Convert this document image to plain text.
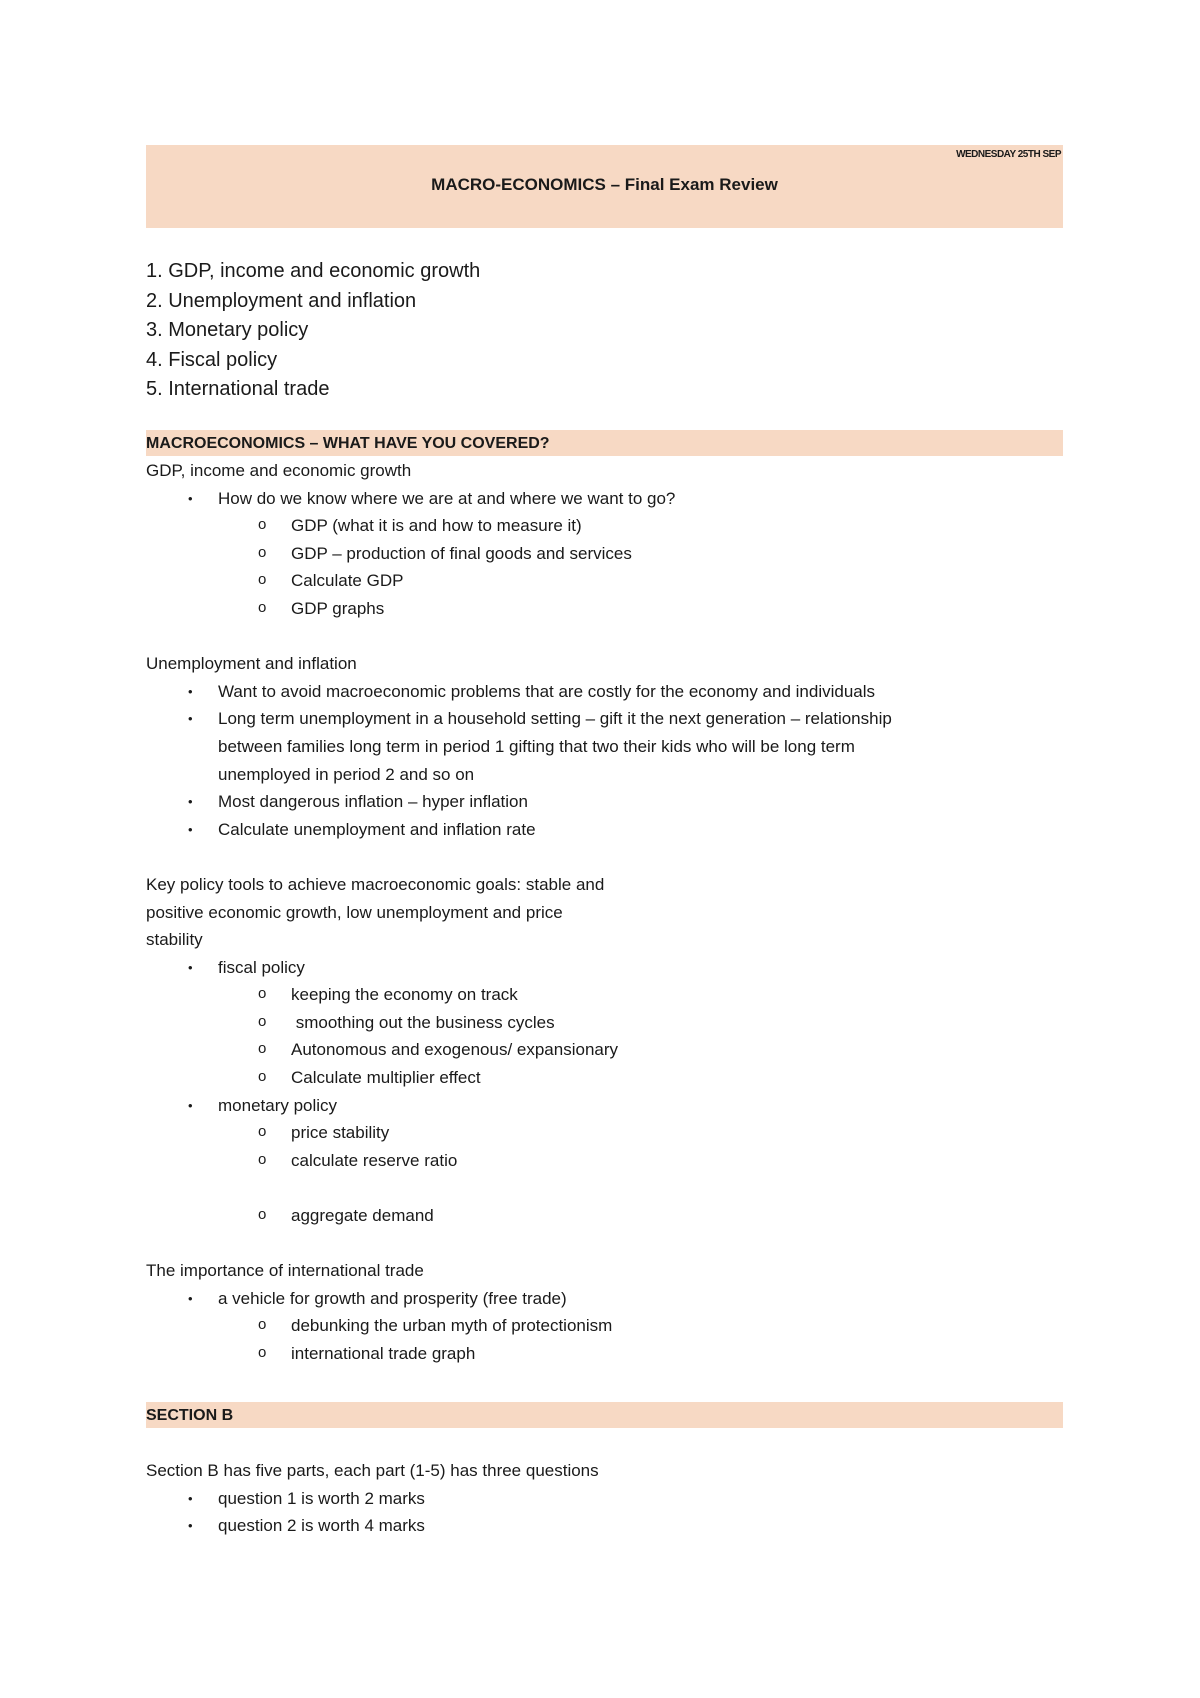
WEDNESDAY 25TH SEP
MACRO-ECONOMICS – Final Exam Review
1. GDP, income and economic growth
2. Unemployment and inflation
3. Monetary policy
4. Fiscal policy
5. International trade
MACROECONOMICS – WHAT HAVE YOU COVERED?
GDP, income and economic growth
• How do we know where we are at and where we want to go?
o GDP (what it is and how to measure it)
o GDP – production of final goods and services
o Calculate GDP
o GDP graphs
Unemployment and inflation
• Want to avoid macroeconomic problems that are costly for the economy and individuals
• Long term unemployment in a household setting – gift it the next generation – relationship
between families long term in period 1 gifting that two their kids who will be long term
unemployed in period 2 and so on
• Most dangerous inflation – hyper inflation
• Calculate unemployment and inflation rate
Key policy tools to achieve macroeconomic goals: stable and
positive economic growth, low unemployment and price
stability
• fiscal policy
o keeping the economy on track
o smoothing out the business cycles
o Autonomous and exogenous/ expansionary
o Calculate multiplier effect
• monetary policy
o price stability
o calculate reserve ratio
o aggregate demand
The importance of international trade
• a vehicle for growth and prosperity (free trade)
o debunking the urban myth of protectionism
o international trade graph
SECTION B
Section B has five parts, each part (1-5) has three questions
• question 1 is worth 2 marks
• question 2 is worth 4 marks
